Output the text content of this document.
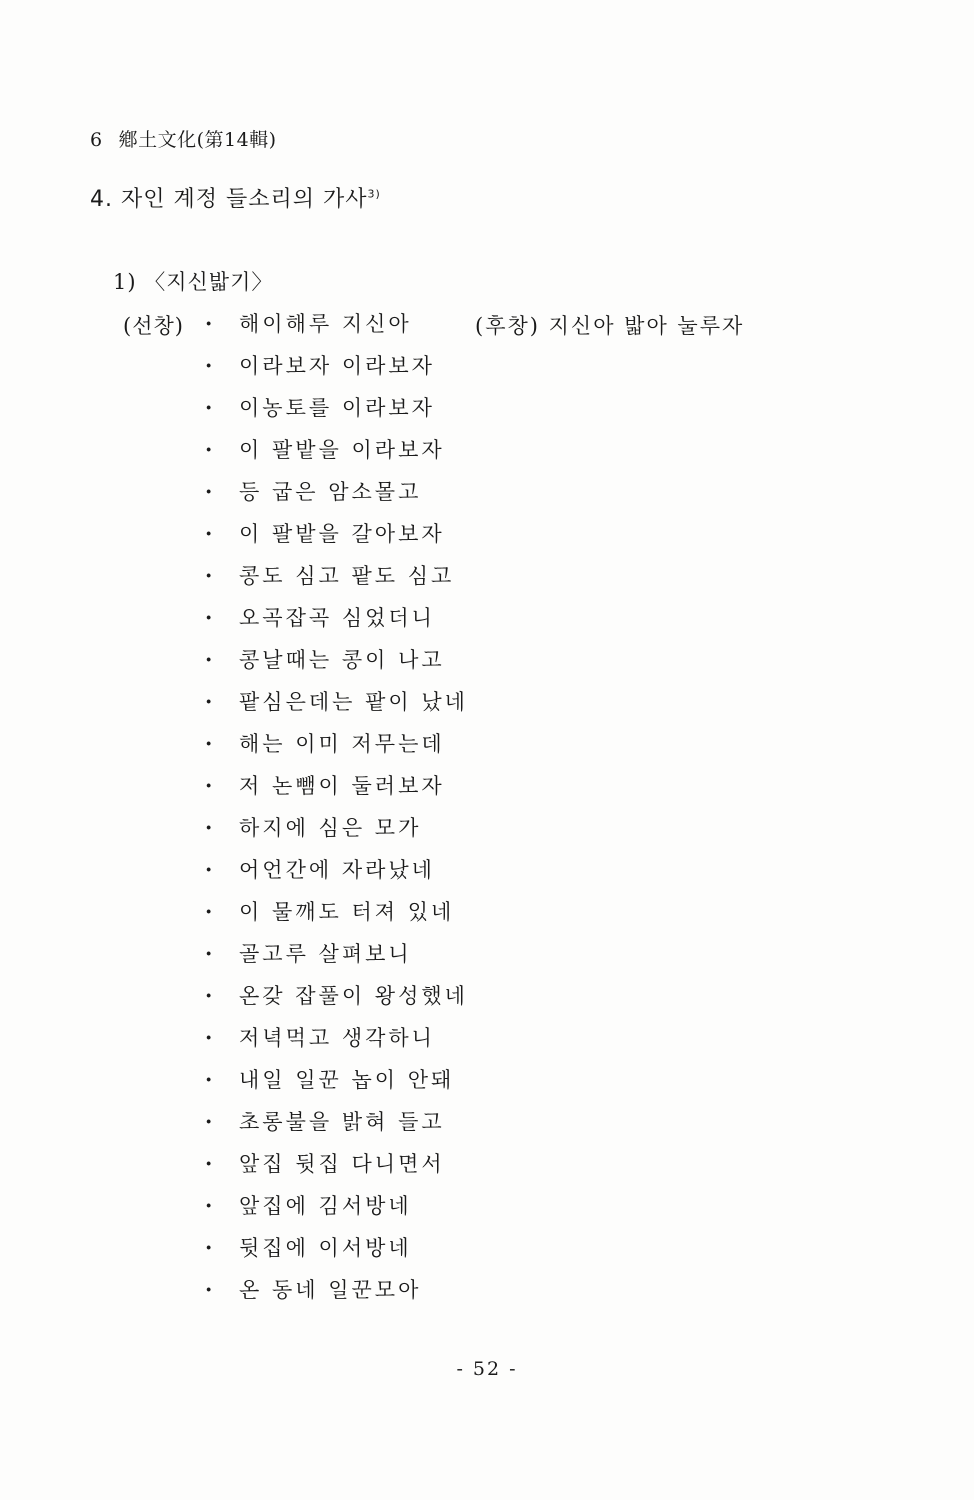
6 鄕土文化(第14輯)
4. 자인 계정 들소리의 가사$^{3)}$
1) 〈지신밟기〉
(선창)	(후창) 지신아 밟아 눌루자
· 해이해루 지신아
· 이라보자 이라보자
· 이농토를 이라보자
· 이 팔밭을 이라보자
· 등 굽은 암소몰고
· 이 팔밭을 갈아보자
· 콩도 심고 팥도 심고
· 오곡잡곡 심었더니
· 콩날때는 콩이 나고
· 팥심은데는 팥이 났네
· 해는 이미 저무는데
· 저 논뺌이 둘러보자
· 하지에 심은 모가
· 어언간에 자라났네
· 이 물깨도 터져 있네
· 골고루 살펴보니
· 온갖 잡풀이 왕성했네
· 저녁먹고 생각하니
· 내일 일꾼 놉이 안돼
· 초롱불을 밝혀 들고
· 앞집 뒷집 다니면서
· 앞집에 김서방네
· 뒷집에 이서방네
· 온 동네 일꾼모아
- 52 -
